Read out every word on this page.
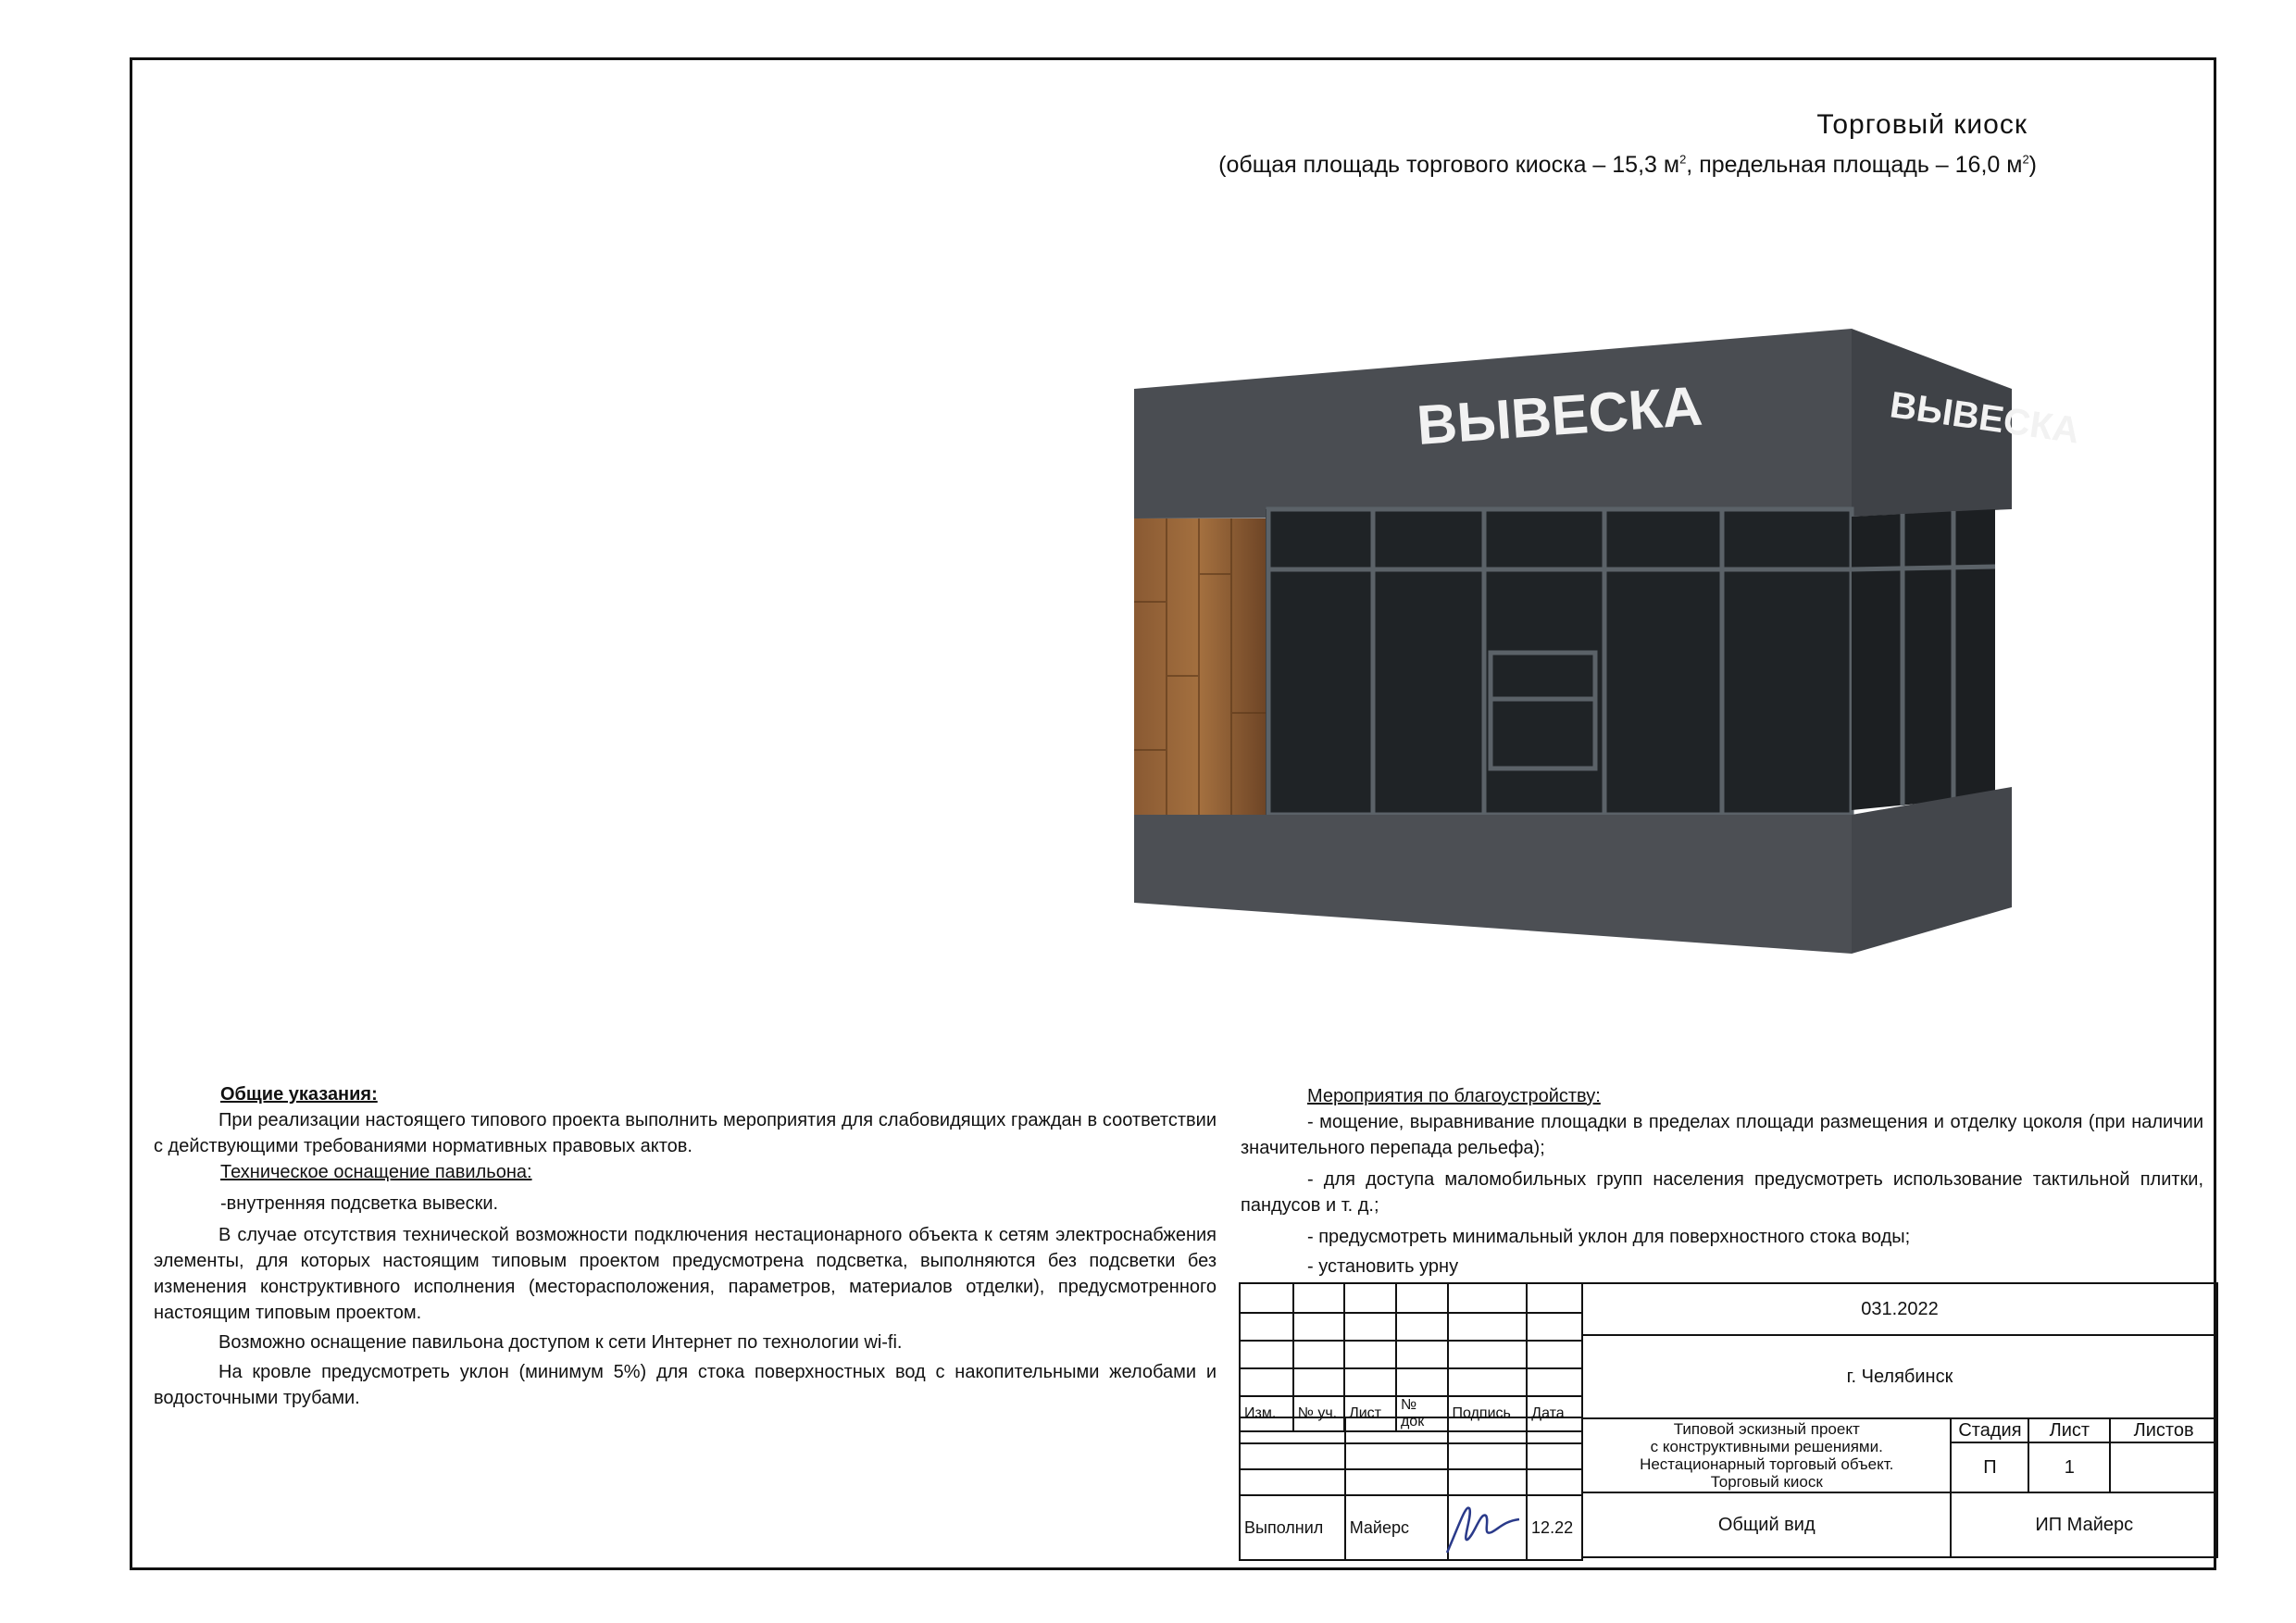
Торговый киоск
(общая площадь торгового киоска – 15,3 $м^2$, предельная площадь – 16,0 $м^2$)
ВЫВЕСКА	ВЫВЕСКА

Общие указания:

При реализации настоящего типового проекта выполнить мероприятия для слабовидящих граждан в соответствии с действующими требованиями нормативных правовых актов.

Техническое оснащение павильона:

-внутренняя подсветка вывески.

В случае отсутствия технической возможности подключения нестационарного объекта к сетям электроснабжения элементы, для которых настоящим типовым проектом предусмотрена подсветка, выполняются без подсветки без изменения конструктивного исполнения (месторасположения, параметров, материалов отделки), предусмотренного настоящим типовым проектом.

Возможно оснащение павильона доступом к сети Интернет по технологии wi-fi.

На кровле предусмотреть уклон (минимум 5%) для стока поверхностных вод с накопительными желобами и водосточными трубами.

Мероприятия по благоустройству:

- мощение, выравнивание площадки в пределах площади размещения и отделку цоколя (при наличии значительного перепада рельефа);

- для доступа маломобильных групп населения предусмотреть использование тактильной плитки, пандусов и т. д.;

- предусмотреть минимальный уклон для поверхностного стока воды;

- установить урну

Изм.	№ уч.	Лист	№ док	Подпись	Дата

Выполнил	Майерс		12.22
031.2022			
г. Челябинск			

Типовой эскизный проект
с конструктивными решениями.
Нестационарный торговый объект.
Торговый киоск	Стадия	Лист	Листов
	П	1	
Общий вид	ИП Майерс		
